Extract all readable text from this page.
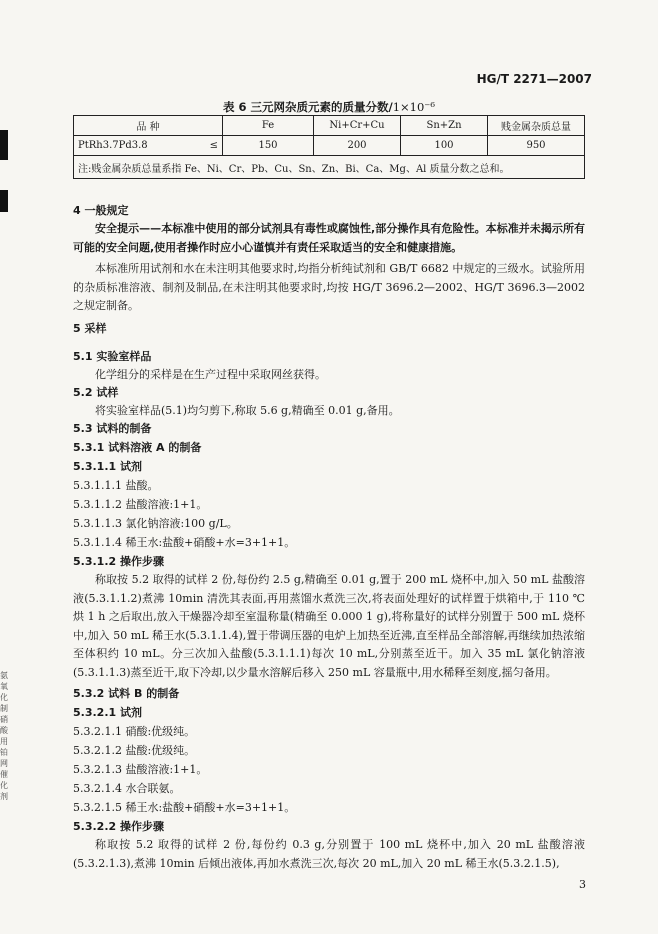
氨氧化制硝酸用铂网催化剂
HG/T 2271—2007
表 6 三元网杂质元素的质量分数/1×10⁻⁶
品 种	Fe	Ni+Cr+Cu	Sn+Zn	贱金属杂质总量
PtRh3.7Pd3.8 ≤	150	200	100	950
注:贱金属杂质总量系指 Fe、Ni、Cr、Pb、Cu、Sn、Zn、Bi、Ca、Mg、Al 质量分数之总和。				
4 一般规定
安全提示——本标准中使用的部分试剂具有毒性或腐蚀性,部分操作具有危险性。本标准并未揭示所有可能的安全问题,使用者操作时应小心谨慎并有责任采取适当的安全和健康措施。
本标准所用试剂和水在未注明其他要求时,均指分析纯试剂和 GB/T 6682 中规定的三级水。试验所用的杂质标准溶液、制剂及制品,在未注明其他要求时,均按 HG/T 3696.2—2002、HG/T 3696.3—2002 之规定制备。
5 采样
5.1 实验室样品
化学组分的采样是在生产过程中采取网丝获得。
5.2 试样
将实验室样品(5.1)均匀剪下,称取 5.6 g,精确至 0.01 g,备用。
5.3 试料的制备
5.3.1 试料溶液 A 的制备
5.3.1.1 试剂
5.3.1.1.1 盐酸。
5.3.1.1.2 盐酸溶液:1+1。
5.3.1.1.3 氯化钠溶液:100 g/L。
5.3.1.1.4 稀王水:盐酸+硝酸+水=3+1+1。
5.3.1.2 操作步骤
称取按 5.2 取得的试样 2 份,每份约 2.5 g,精确至 0.01 g,置于 200 mL 烧杯中,加入 50 mL 盐酸溶液(5.3.1.1.2)煮沸 10min 清洗其表面,再用蒸馏水煮洗三次,将表面处理好的试样置于烘箱中,于 110 ℃烘 1 h 之后取出,放入干燥器冷却至室温称量(精确至 0.000 1 g),将称量好的试样分别置于 500 mL 烧杯中,加入 50 mL 稀王水(5.3.1.1.4),置于带调压器的电炉上加热至近沸,直至样品全部溶解,再继续加热浓缩至体积约 10 mL。分三次加入盐酸(5.3.1.1.1)每次 10 mL,分别蒸至近干。加入 35 mL 氯化钠溶液(5.3.1.1.3)蒸至近干,取下冷却,以少量水溶解后移入 250 mL 容量瓶中,用水稀释至刻度,摇匀备用。
5.3.2 试料 B 的制备
5.3.2.1 试剂
5.3.2.1.1 硝酸:优级纯。
5.3.2.1.2 盐酸:优级纯。
5.3.2.1.3 盐酸溶液:1+1。
5.3.2.1.4 水合联氨。
5.3.2.1.5 稀王水:盐酸+硝酸+水=3+1+1。
5.3.2.2 操作步骤
称取按 5.2 取得的试样 2 份,每份约 0.3 g,分别置于 100 mL 烧杯中,加入 20 mL 盐酸溶液(5.3.2.1.3),煮沸 10min 后倾出液体,再加水煮洗三次,每次 20 mL,加入 20 mL 稀王水(5.3.2.1.5),
3
